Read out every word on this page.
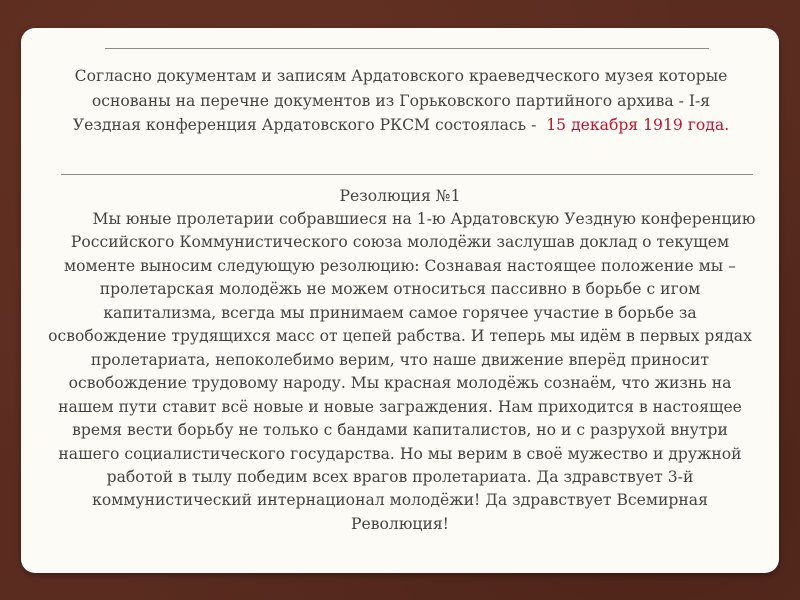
Согласно документам и записям Ардатовского краеведческого музея которые основаны на перечне документов из Горьковского партийного архива - I-я Уездная конференция Ардатовского РКСМ состоялась - 15 декабря 1919 года.
Резолюция №1
Мы юные пролетарии собравшиеся на 1-ю Ардатовскую Уездную конференцию Российского Коммунистического союза молодёжи заслушав доклад о текущем моменте выносим следующую резолюцию: Сознавая настоящее положение мы – пролетарская молодёжь не можем относиться пассивно в борьбе с игом капитализма, всегда мы принимаем самое горячее участие в борьбе за освобождение трудящихся масс от цепей рабства. И теперь мы идём в первых рядах пролетариата, непоколебимо верим, что наше движение вперёд приносит освобождение трудовому народу. Мы красная молодёжь сознаём, что жизнь на нашем пути ставит всё новые и новые заграждения. Нам приходится в настоящее время вести борьбу не только с бандами капиталистов, но и с разрухой внутри нашего социалистического государства. Но мы верим в своё мужество и дружной работой в тылу победим всех врагов пролетариата. Да здравствует 3-й коммунистический интернационал молодёжи! Да здравствует Всемирная Революция!
